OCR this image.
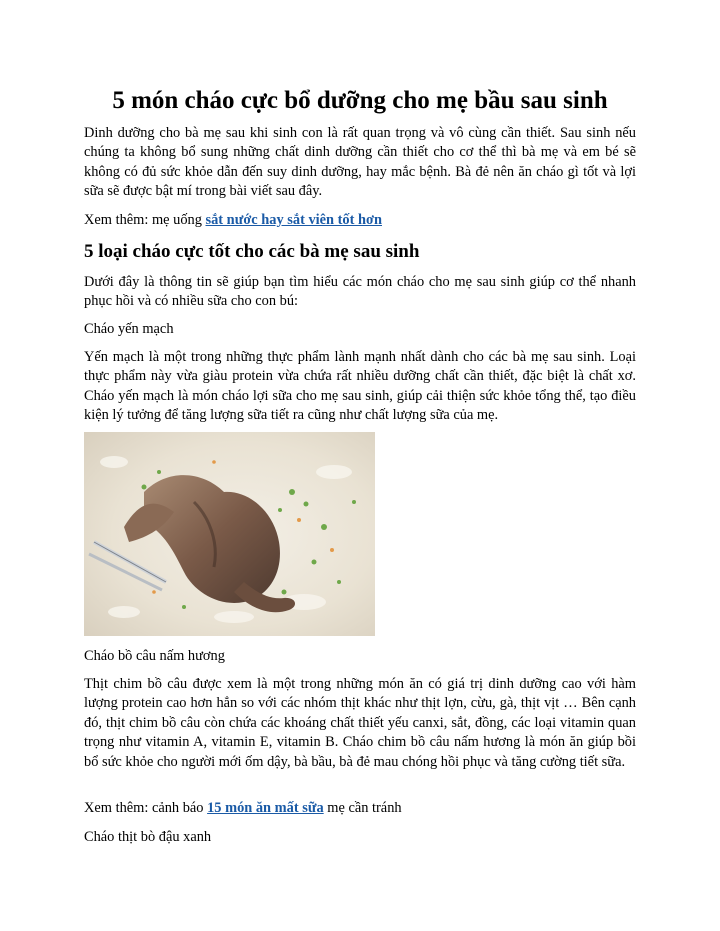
5 món cháo cực bổ dưỡng cho mẹ bầu sau sinh

Dinh dưỡng cho bà mẹ sau khi sinh con là rất quan trọng và vô cùng cần thiết. Sau sinh nếu chúng ta không bổ sung những chất dinh dưỡng cần thiết cho cơ thể thì bà mẹ và em bé sẽ không có đủ sức khỏe dẫn đến suy dinh dưỡng, hay mắc bệnh. Bà đẻ nên ăn cháo gì tốt và lợi sữa sẽ được bật mí trong bài viết sau đây.

Xem thêm: mẹ uống sắt nước hay sắt viên tốt hơn

5 loại cháo cực tốt cho các bà mẹ sau sinh

Dưới đây là thông tin sẽ giúp bạn tìm hiểu các món cháo cho mẹ sau sinh giúp cơ thể nhanh phục hồi và có nhiều sữa cho con bú:

Cháo yến mạch

Yến mạch là một trong những thực phẩm lành mạnh nhất dành cho các bà mẹ sau sinh. Loại thực phẩm này vừa giàu protein vừa chứa rất nhiều dưỡng chất cần thiết, đặc biệt là chất xơ. Cháo yến mạch là món cháo lợi sữa cho mẹ sau sinh, giúp cải thiện sức khỏe tổng thể, tạo điều kiện lý tưởng để tăng lượng sữa tiết ra cũng như chất lượng sữa của mẹ.

Cháo bồ câu nấm hương

Thịt chim bồ câu được xem là một trong những món ăn có giá trị dinh dưỡng cao với hàm lượng protein cao hơn hẳn so với các nhóm thịt khác như thịt lợn, cừu, gà, thịt vịt … Bên cạnh đó, thịt chim bồ câu còn chứa các khoáng chất thiết yếu canxi, sắt, đồng, các loại vitamin quan trọng như vitamin A, vitamin E, vitamin B. Cháo chim bồ câu nấm hương là món ăn giúp bồi bổ sức khỏe cho người mới ốm dậy, bà bầu, bà đẻ mau chóng hồi phục và tăng cường tiết sữa.

Xem thêm: cảnh báo 15 món ăn mất sữa mẹ cần tránh

Cháo thịt bò đậu xanh
